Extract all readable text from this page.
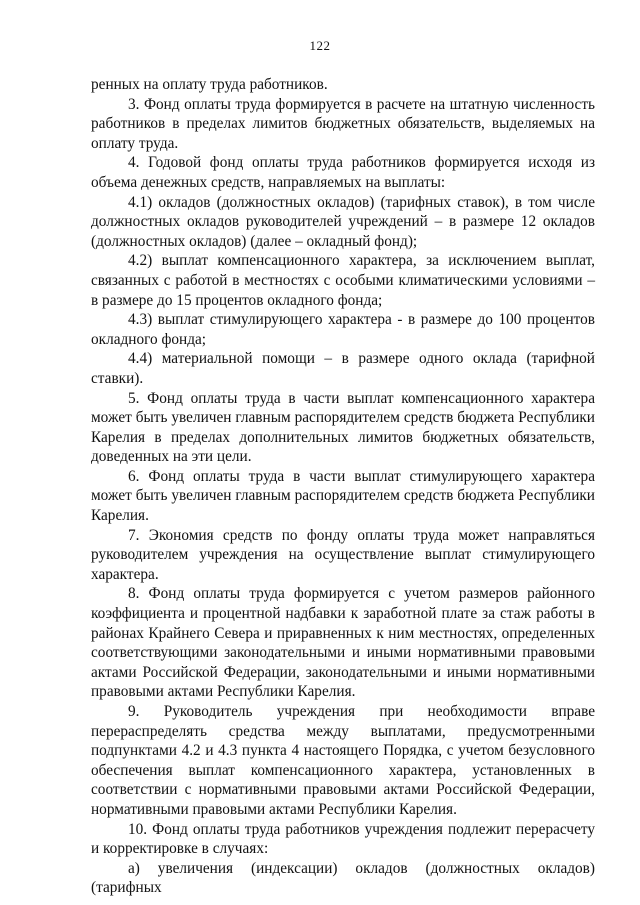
122

ренных на оплату труда работников.

3. Фонд оплаты труда формируется в расчете на штатную численность работников в пределах лимитов бюджетных обязательств, выделяемых на оплату труда.

4. Годовой фонд оплаты труда работников формируется исходя из объема денежных средств, направляемых на выплаты:

4.1) окладов (должностных окладов) (тарифных ставок), в том числе должностных окладов руководителей учреждений – в размере 12 окладов (должностных окладов) (далее – окладный фонд);

4.2) выплат компенсационного характера, за исключением выплат, связанных с работой в местностях с особыми климатическими условиями – в размере до 15 процентов окладного фонда;

4.3) выплат стимулирующего характера - в размере до 100 процентов окладного фонда;

4.4) материальной помощи – в размере одного оклада (тарифной ставки).

5. Фонд оплаты труда в части выплат компенсационного характера может быть увеличен главным распорядителем средств бюджета Республики Карелия в пределах дополнительных лимитов бюджетных обязательств, доведенных на эти цели.

6. Фонд оплаты труда в части выплат стимулирующего характера может быть увеличен главным распорядителем средств бюджета Республики Карелия.

7. Экономия средств по фонду оплаты труда может направляться руководителем учреждения на осуществление выплат стимулирующего характера.

8. Фонд оплаты труда формируется с учетом размеров районного коэффициента и процентной надбавки к заработной плате за стаж работы в районах Крайнего Севера и приравненных к ним местностях, определенных соответствующими законодательными и иными нормативными правовыми актами Российской Федерации, законодательными и иными нормативными правовыми актами Республики Карелия.

9. Руководитель учреждения при необходимости вправе перераспределять средства между выплатами, предусмотренными подпунктами 4.2 и 4.3 пункта 4 настоящего Порядка, с учетом безусловного обеспечения выплат компенсационного характера, установленных в соответствии с нормативными правовыми актами Российской Федерации, нормативными правовыми актами Республики Карелия.

10. Фонд оплаты труда работников учреждения подлежит перерасчету и корректировке в случаях:

а) увеличения (индексации) окладов (должностных окладов) (тарифных
